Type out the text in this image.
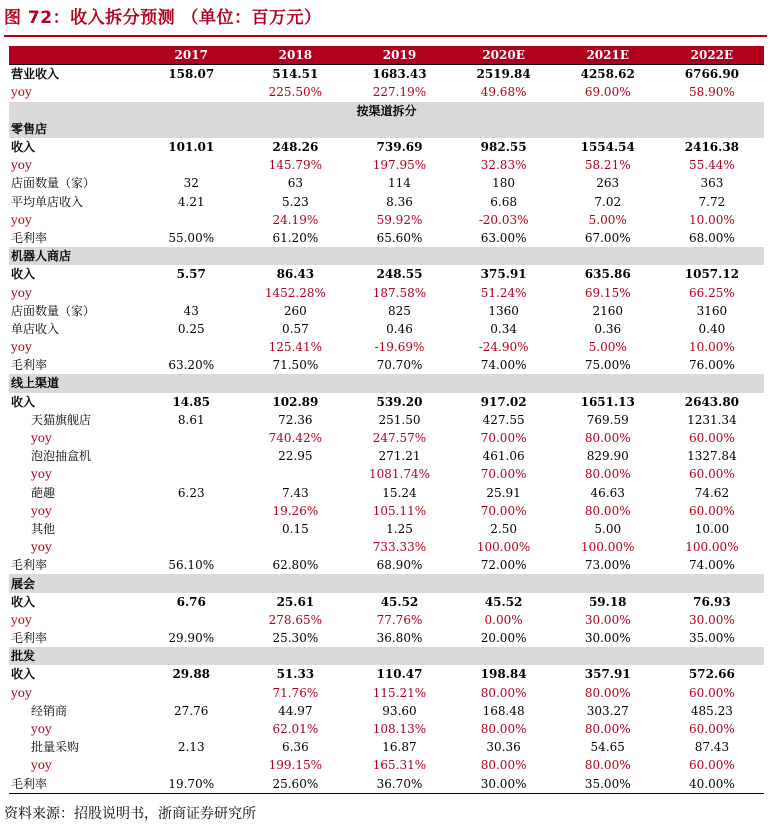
图 72：收入拆分预测 （单位：百万元）
	2017	2018	2019	2020E	2021E	2022E
营业收入	158.07	514.51	1683.43	2519.84	4258.62	6766.90
yoy		225.50%	227.19%	49.68%	69.00%	58.90%
按渠道拆分						
零售店						
收入	101.01	248.26	739.69	982.55	1554.54	2416.38
yoy		145.79%	197.95%	32.83%	58.21%	55.44%
店面数量（家）	32	63	114	180	263	363
平均单店收入	4.21	5.23	8.36	6.68	7.02	7.72
yoy		24.19%	59.92%	-20.03%	5.00%	10.00%
毛利率	55.00%	61.20%	65.60%	63.00%	67.00%	68.00%
机器人商店						
收入	5.57	86.43	248.55	375.91	635.86	1057.12
yoy		1452.28%	187.58%	51.24%	69.15%	66.25%
店面数量（家）	43	260	825	1360	2160	3160
单店收入	0.25	0.57	0.46	0.34	0.36	0.40
yoy		125.41%	-19.69%	-24.90%	5.00%	10.00%
毛利率	63.20%	71.50%	70.70%	74.00%	75.00%	76.00%
线上渠道						
收入	14.85	102.89	539.20	917.02	1651.13	2643.80
天猫旗舰店	8.61	72.36	251.50	427.55	769.59	1231.34
yoy		740.42%	247.57%	70.00%	80.00%	60.00%
泡泡抽盒机		22.95	271.21	461.06	829.90	1327.84
yoy			1081.74%	70.00%	80.00%	60.00%
葩趣	6.23	7.43	15.24	25.91	46.63	74.62
yoy		19.26%	105.11%	70.00%	80.00%	60.00%
其他		0.15	1.25	2.50	5.00	10.00
yoy			733.33%	100.00%	100.00%	100.00%
毛利率	56.10%	62.80%	68.90%	72.00%	73.00%	74.00%
展会						
收入	6.76	25.61	45.52	45.52	59.18	76.93
yoy		278.65%	77.76%	0.00%	30.00%	30.00%
毛利率	29.90%	25.30%	36.80%	20.00%	30.00%	35.00%
批发						
收入	29.88	51.33	110.47	198.84	357.91	572.66
yoy		71.76%	115.21%	80.00%	80.00%	60.00%
经销商	27.76	44.97	93.60	168.48	303.27	485.23
yoy		62.01%	108.13%	80.00%	80.00%	60.00%
批量采购	2.13	6.36	16.87	30.36	54.65	87.43
yoy		199.15%	165.31%	80.00%	80.00%	60.00%
毛利率	19.70%	25.60%	36.70%	30.00%	35.00%	40.00%
资料来源：招股说明书，浙商证券研究所
